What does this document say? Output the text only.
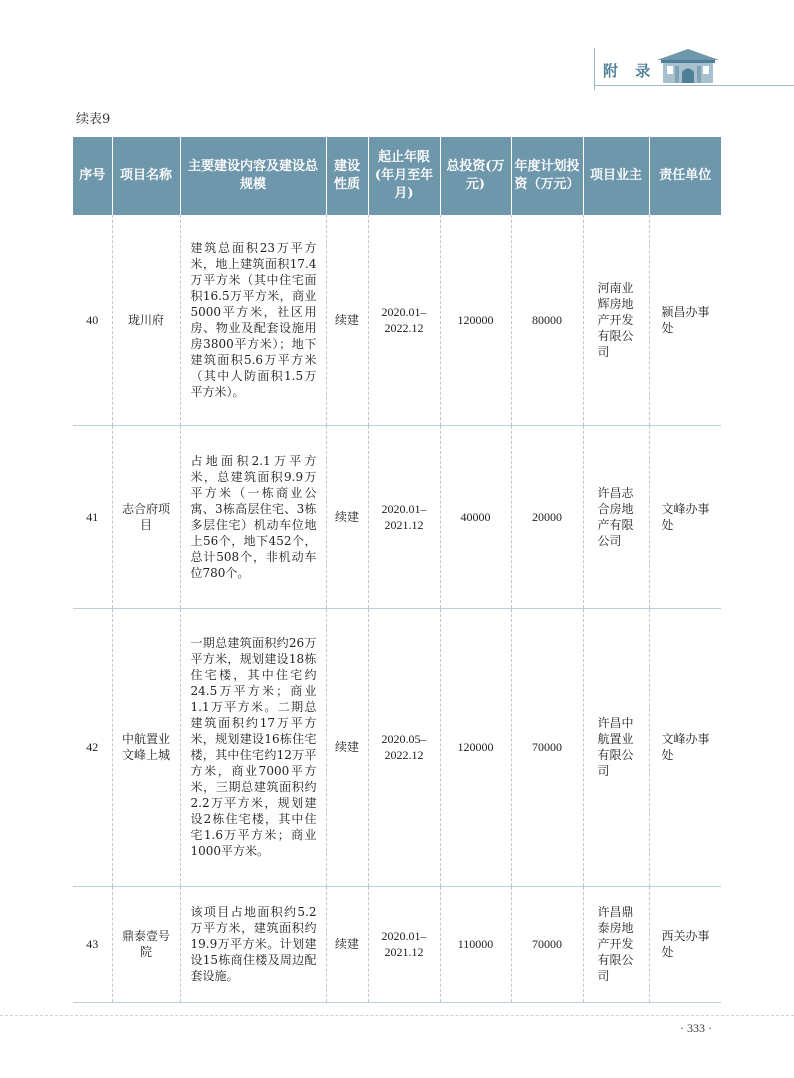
附 录
续表9
序号	项目名称	主要建设内容及建设总规模	建设性质	起止年限(年月至年月)	总投资(万元)	年度计划投资（万元）	项目业主	责任单位
40	珑川府	建筑总面积23万平方米，地上建筑面积17.4万平方米（其中住宅面积16.5万平方米，商业5000平方米，社区用房、物业及配套设施用房3800平方米）；地下建筑面积5.6万平方米（其中人防面积1.5万平方米）。	续建	2020.01–2022.12	120000	80000	河南业辉房地产开发有限公司	颍昌办事处
41	志合府项目	占地面积2.1万平方米，总建筑面积9.9万平方米（一栋商业公寓、3栋高层住宅、3栋多层住宅）机动车位地上56个，地下452个，总计508个，非机动车位780个。	续建	2020.01–2021.12	40000	20000	许昌志合房地产有限公司	文峰办事处
42	中航置业文峰上城	一期总建筑面积约26万平方米，规划建设18栋住宅楼，其中住宅约24.5万平方米；商业1.1万平方米。二期总建筑面积约17万平方米，规划建设16栋住宅楼，其中住宅约12万平方米，商业7000平方米，三期总建筑面积约2.2万平方米，规划建设2栋住宅楼，其中住宅1.6万平方米；商业1000平方米。	续建	2020.05–2022.12	120000	70000	许昌中航置业有限公司	文峰办事处
43	鼎泰壹号院	该项目占地面积约5.2万平方米，建筑面积约19.9万平方米。计划建设15栋商住楼及周边配套设施。	续建	2020.01–2021.12	110000	70000	许昌鼎泰房地产开发有限公司	西关办事处
· 333 ·
